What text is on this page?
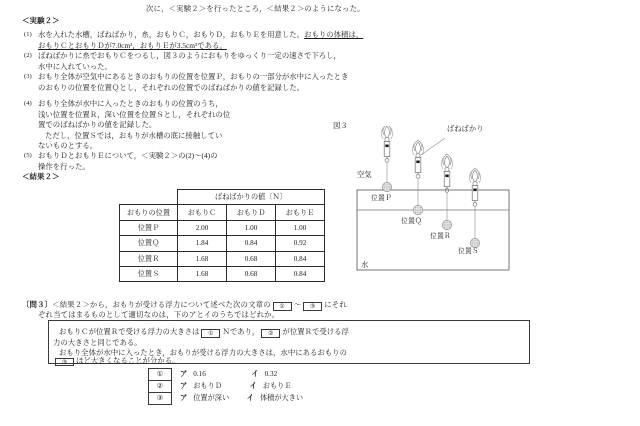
次に，＜実験２＞を行ったところ，＜結果２＞のようになった。
＜実験２＞
(1) 水を入れた水槽，ばねばかり，糸，おもりＣ，おもりＤ，おもりＥを用意した。おもりの体積は，
おもりＣとおもりＤが7.0cm³，おもりＥが3.5cm³である。
(2) ばねばかりに糸でおもりＣをつるし，図３のようにおもりをゆっくり一定の速さで下ろし，
水中に入れていった。
(3) おもり全体が空気中にあるときのおもりの位置を位置Ｐ，おもりの一部分が水中に入ったとき
のおもりの位置を位置Ｑとし，それぞれの位置でのばねばかりの値を記録した。
(4) おもり全体が水中に入ったときのおもりの位置のうち，
浅い位置を位置Ｒ，深い位置を位置Ｓとし，それぞれの位
置でのばねばかりの値を記録した。
ただし，位置Ｓでは，おもりが水槽の底に接触してい
ないものとする。
(5) おもりＤとおもりＥについて，＜実験２＞の(2)～(4)の
操作を行った。
＜結果２＞
図３	ばねばかり
空気
水
位置Ｐ
位置Ｑ
位置Ｒ
位置Ｓ
	ばねばかりの値〔Ｎ〕		
おもりの位置	おもりＣ	おもりＤ	おもりＥ
位置Ｐ	2.00	1.00	1.00
位置Ｑ	1.84	0.84	0.92
位置Ｒ	1.68	0.68	0.84
位置Ｓ	1.68	0.68	0.84
〔問３〕＜結果２＞から，おもりが受ける浮力について述べた次の文章の ① ～ ③ にそれ
ぞれ当てはまるものとして適切なのは，下のアとイのうちではどれか。
おもりＣが位置Ｒで受ける浮力の大きさは ① Ｎであり， ② が位置Ｒで受ける浮
力の大きさと同じである。
おもり全体が水中に入ったとき，おもりが受ける浮力の大きさは，水中にあるおもりの
③ ほど大きくなることが分かる。
①	ア 0.16 イ 0.32
②	ア おもりＤ イ おもりＥ
③	ア 位置が深い イ 体積が大きい
